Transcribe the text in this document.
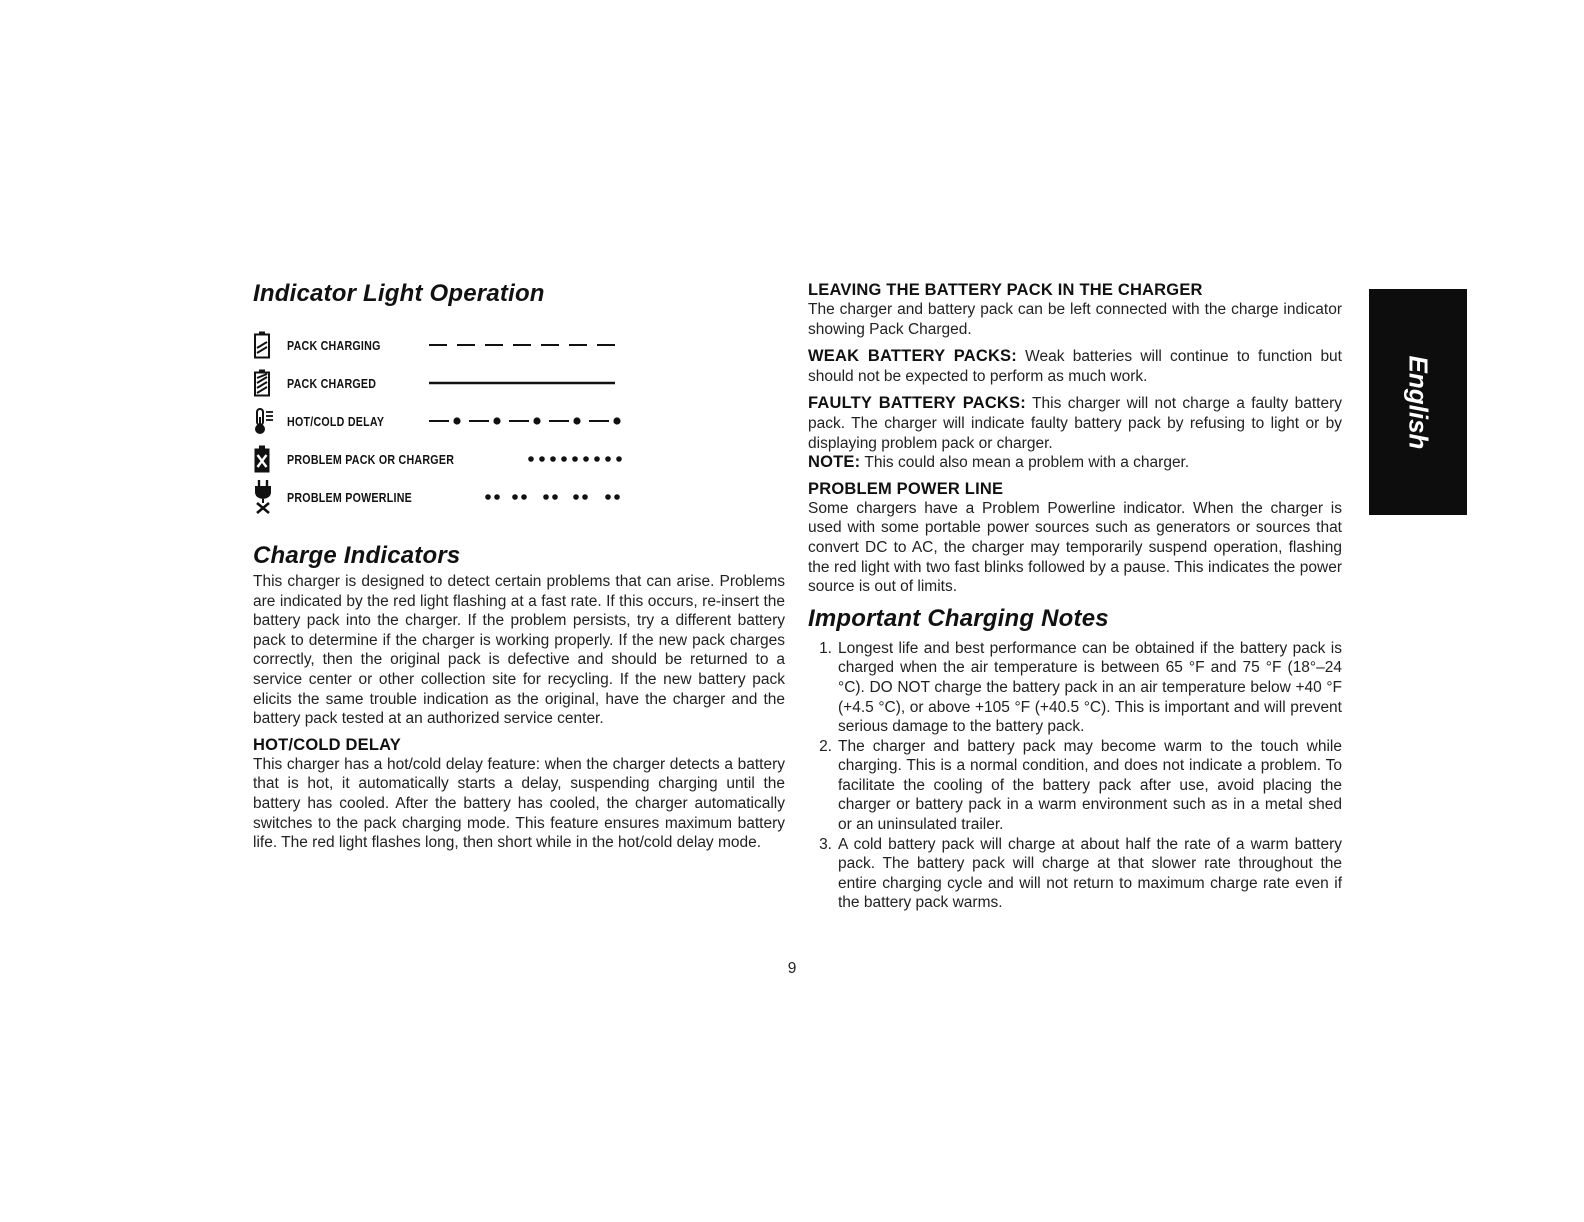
Indicator Light Operation
PACK CHARGING
PACK CHARGED
HOT/COLD DELAY
PROBLEM PACK OR CHARGER
PROBLEM POWERLINE
Charge Indicators

This charger is designed to detect certain problems that can arise. Problems are indicated by the red light flashing at a fast rate. If this occurs, re-insert the battery pack into the charger. If the problem persists, try a different battery pack to determine if the charger is working properly. If the new pack charges correctly, then the original pack is defective and should be returned to a service center or other collection site for recycling. If the new battery pack elicits the same trouble indication as the original, have the charger and the battery pack tested at an authorized service center.

HOT/COLD DELAY

This charger has a hot/cold delay feature: when the charger detects a battery that is hot, it automatically starts a delay, suspending charging until the battery has cooled. After the battery has cooled, the charger automatically switches to the pack charging mode. This feature ensures maximum battery life. The red light flashes long, then short while in the hot/cold delay mode.

LEAVING THE BATTERY PACK IN THE CHARGER

The charger and battery pack can be left connected with the charge indicator showing Pack Charged.

WEAK BATTERY PACKS: Weak batteries will continue to function but should not be expected to perform as much work.

FAULTY BATTERY PACKS: This charger will not charge a faulty battery pack. The charger will indicate faulty battery pack by refusing to light or by displaying problem pack or charger.

NOTE: This could also mean a problem with a charger.

PROBLEM POWER LINE

Some chargers have a Problem Powerline indicator. When the charger is used with some portable power sources such as generators or sources that convert DC to AC, the charger may temporarily suspend operation, flashing the red light with two fast blinks followed by a pause. This indicates the power source is out of limits.

Important Charging Notes
1. Longest life and best performance can be obtained if the battery pack is charged when the air temperature is between 65 °F and 75 °F (18°–24 °C). DO NOT charge the battery pack in an air temperature below +40 °F (+4.5 °C), or above +105 °F (+40.5 °C). This is important and will prevent serious damage to the battery pack.
2. The charger and battery pack may become warm to the touch while charging. This is a normal condition, and does not indicate a problem. To facilitate the cooling of the battery pack after use, avoid placing the charger or battery pack in a warm environment such as in a metal shed or an uninsulated trailer.
3. A cold battery pack will charge at about half the rate of a warm battery pack. The battery pack will charge at that slower rate throughout the entire charging cycle and will not return to maximum charge rate even if the battery pack warms.
9
English
